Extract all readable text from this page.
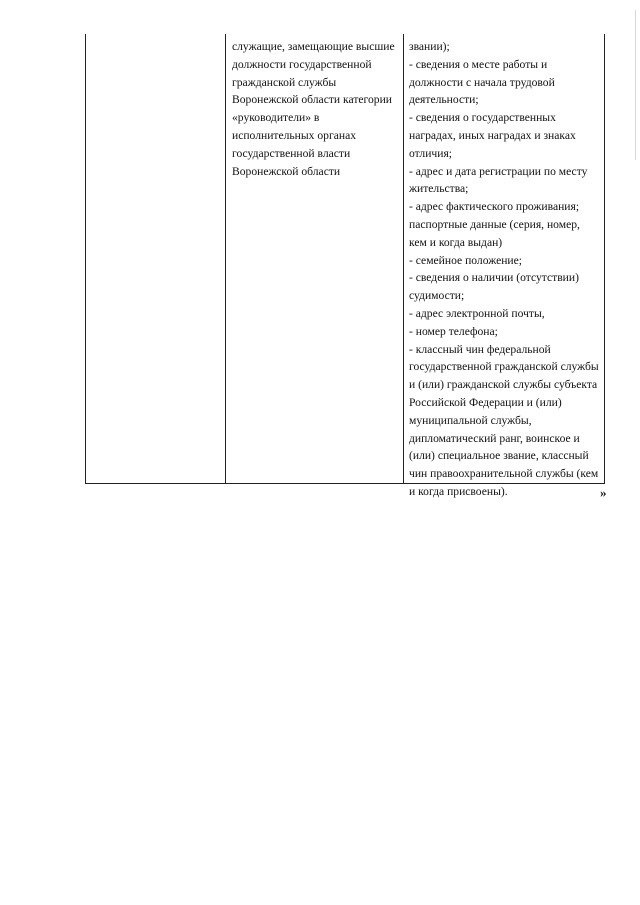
служащие, замещающие высшие
должности государственной
гражданской службы
Воронежской области категории
«руководители» в
исполнительных органах
государственной власти
Воронежской области
звании);
- сведения о месте работы и
должности с начала трудовой
деятельности;
- сведения о государственных
наградах, иных наградах и знаках
отличия;
- адрес и дата регистрации по месту
жительства;
- адрес фактического проживания;
паспортные данные (серия, номер,
кем и когда выдан)
- семейное положение;
- сведения о наличии (отсутствии)
судимости;
- адрес электронной почты,
- номер телефона;
- классный чин федеральной
государственной гражданской службы
и (или) гражданской службы субъекта
Российской Федерации и (или)
муниципальной службы,
дипломатический ранг, воинское и
(или) специальное звание, классный
чин правоохранительной службы (кем
и когда присвоены).	»
